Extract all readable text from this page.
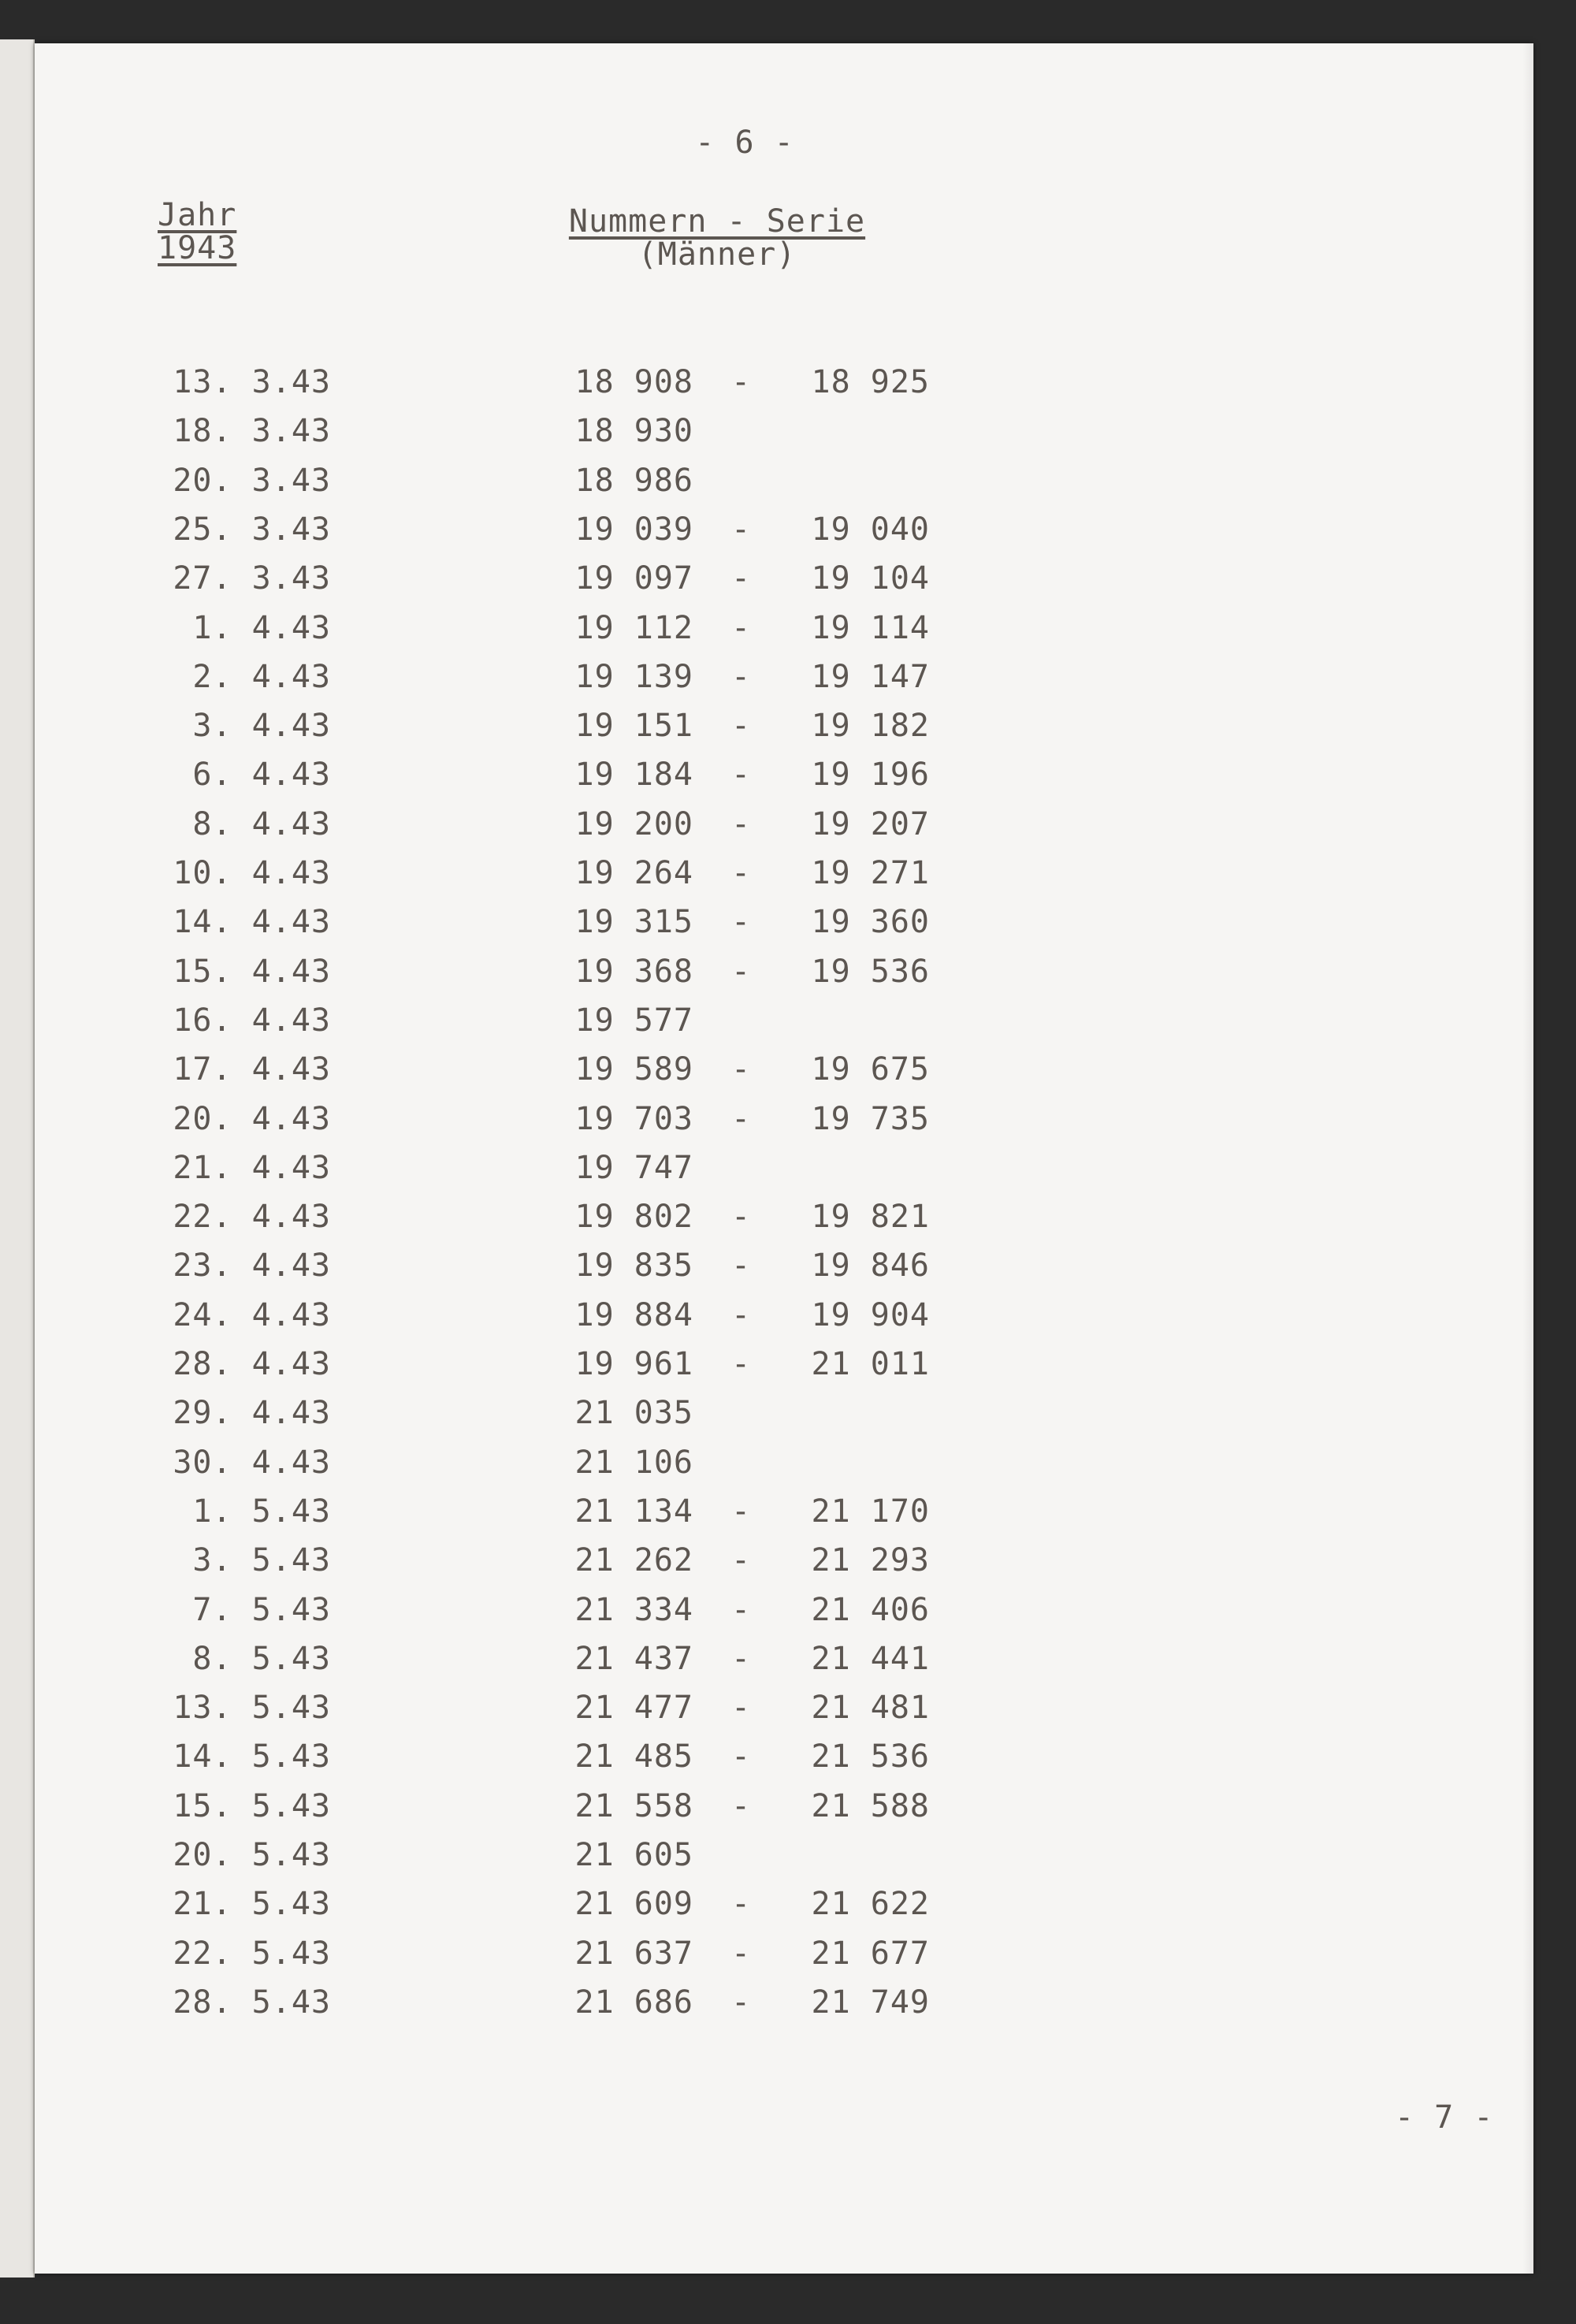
- 6 -
Jahr
1943
Nummern - Serie
(Männer)
13. 3.43	18 908 -	18 925
18. 3.43	18 930
20. 3.43	18 986
25. 3.43	19 039 -	19 040
27. 3.43	19 097 -	19 104
1. 4.43	19 112 -	19 114
2. 4.43	19 139 -	19 147
3. 4.43	19 151 -	19 182
6. 4.43	19 184 -	19 196
8. 4.43	19 200 -	19 207
10. 4.43	19 264 -	19 271
14. 4.43	19 315 -	19 360
15. 4.43	19 368 -	19 536
16. 4.43	19 577
17. 4.43	19 589 -	19 675
20. 4.43	19 703 -	19 735
21. 4.43	19 747
22. 4.43	19 802 -	19 821
23. 4.43	19 835 -	19 846
24. 4.43	19 884 -	19 904
28. 4.43	19 961 -	21 011
29. 4.43	21 035
30. 4.43	21 106
1. 5.43	21 134 -	21 170
3. 5.43	21 262 -	21 293
7. 5.43	21 334 -	21 406
8. 5.43	21 437 -	21 441
13. 5.43	21 477 -	21 481
14. 5.43	21 485 -	21 536
15. 5.43	21 558 -	21 588
20. 5.43	21 605
21. 5.43	21 609 -	21 622
22. 5.43	21 637 -	21 677
28. 5.43	21 686 -	21 749
- 7 -
